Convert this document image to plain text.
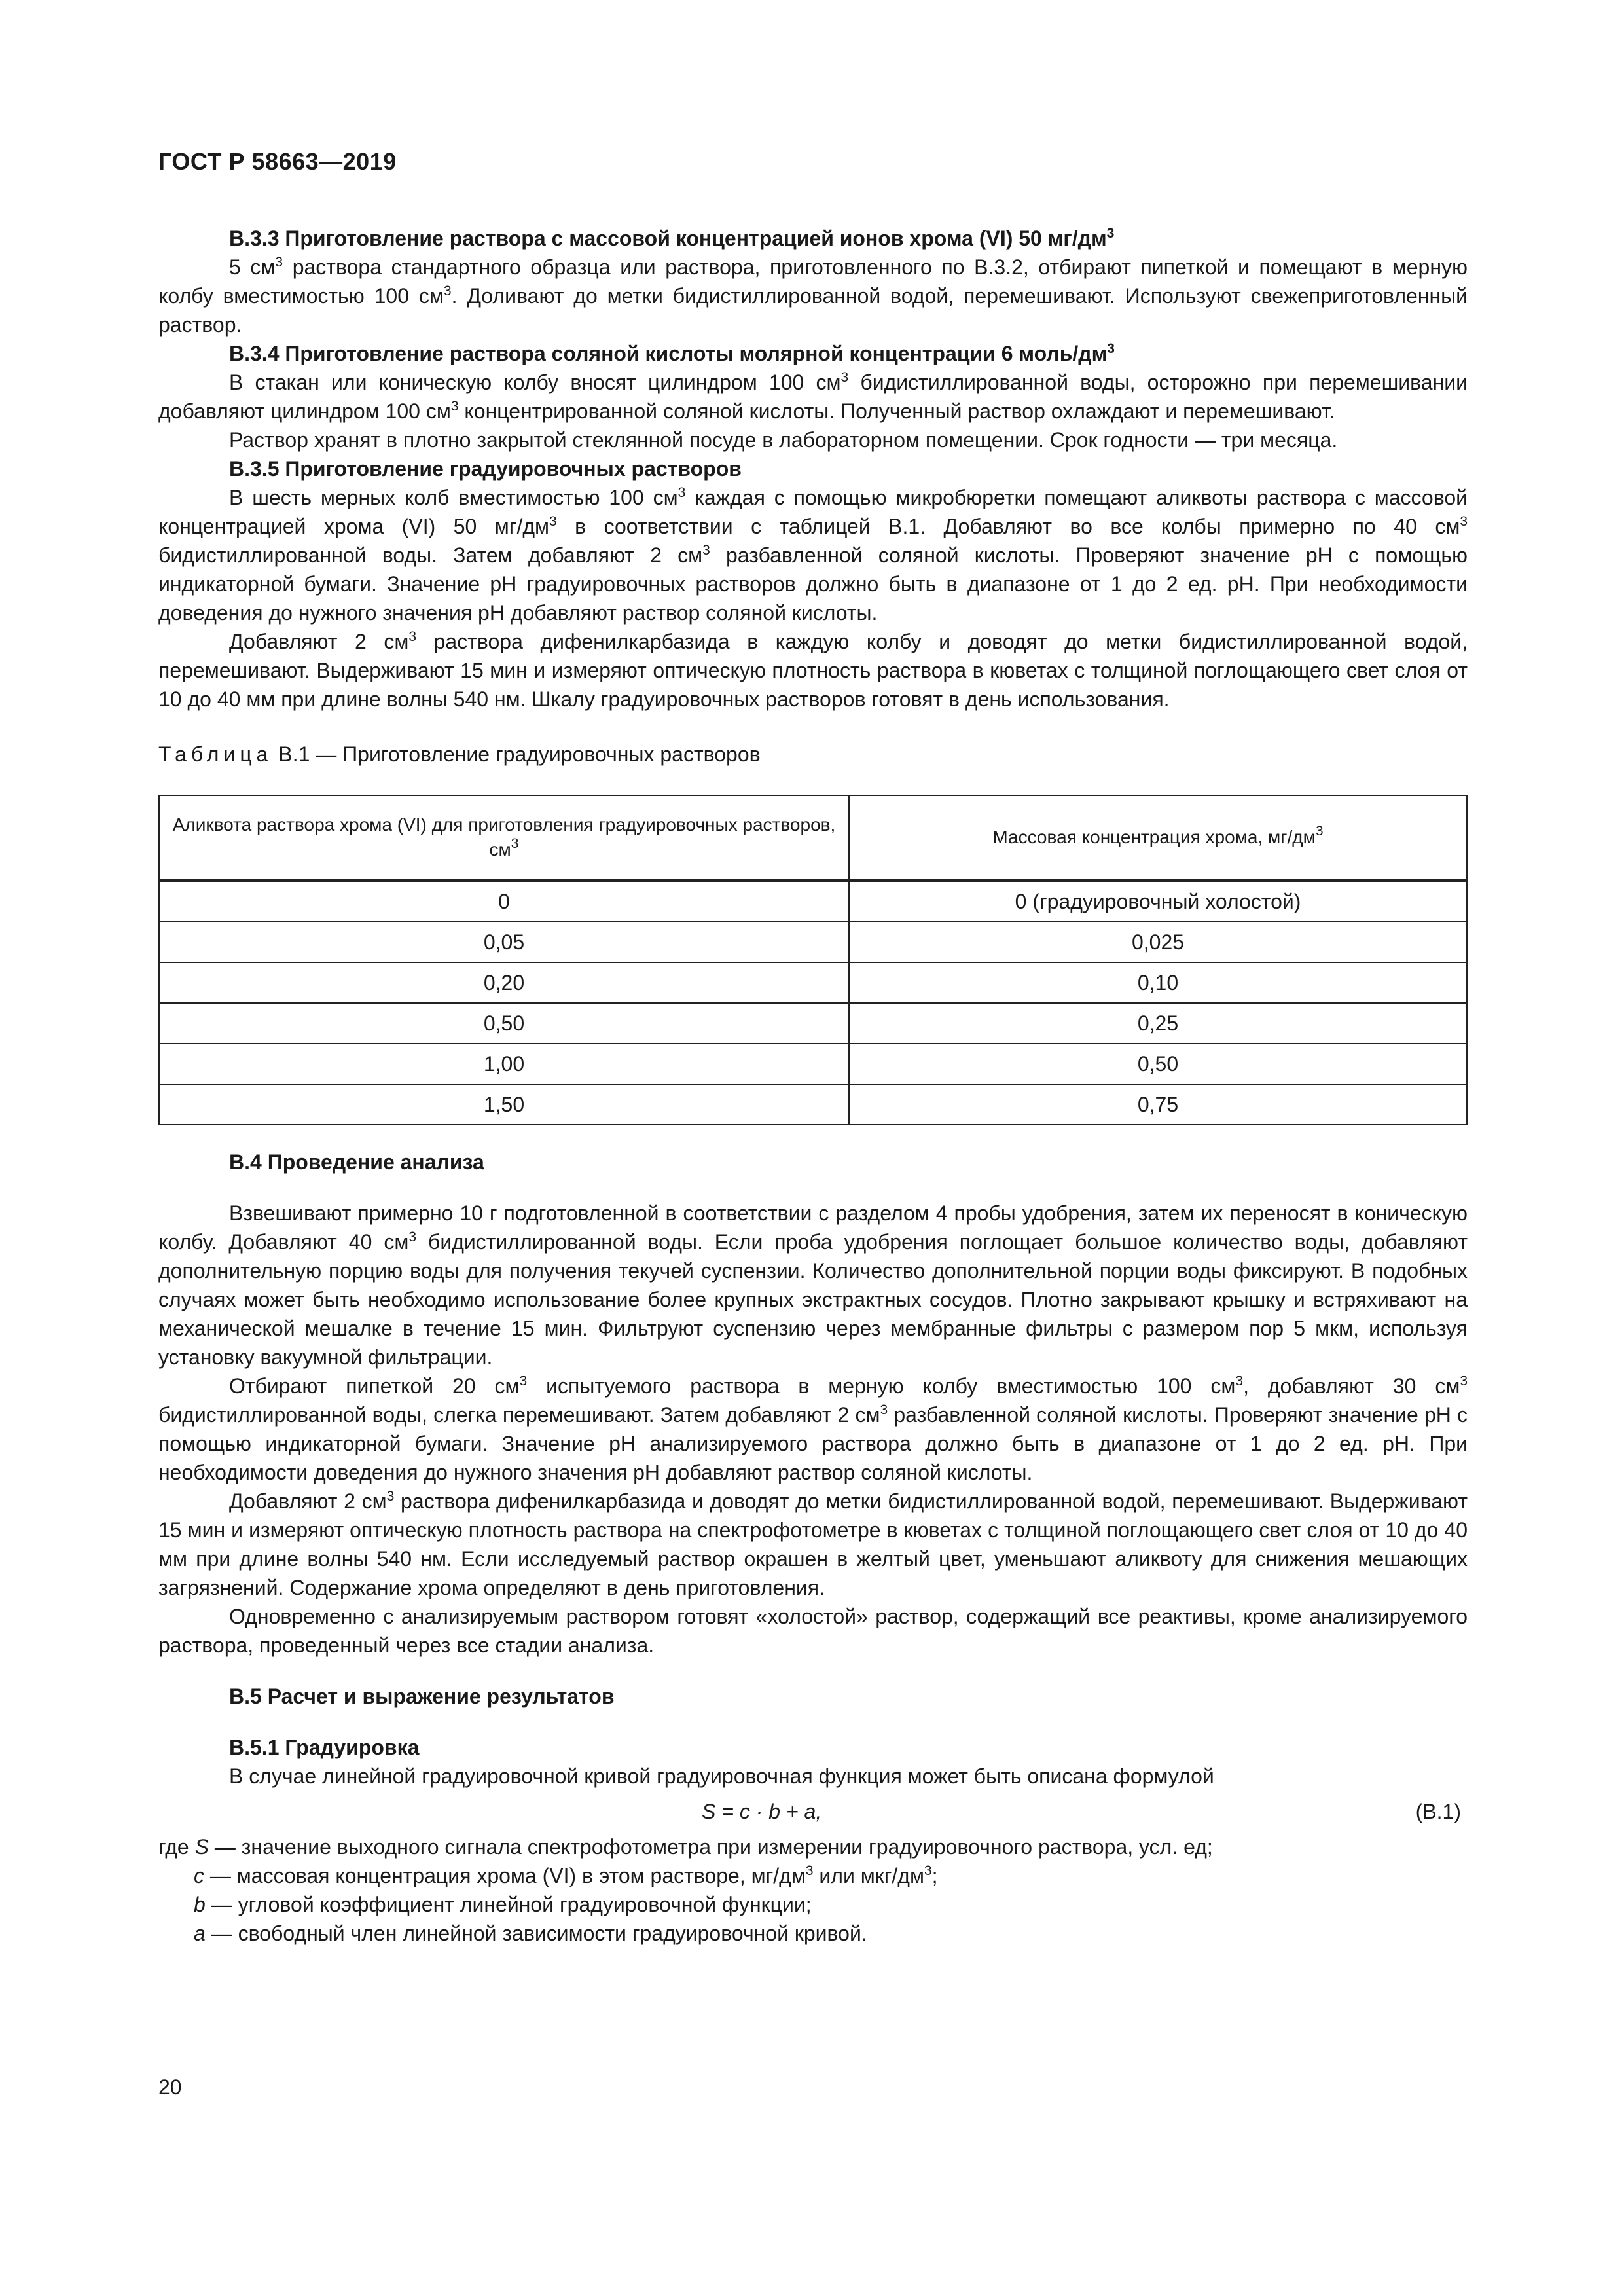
ГОСТ Р 58663—2019

В.3.3 Приготовление раствора с массовой концентрацией ионов хрома (VI) 50 $мг/дм^3$

5 $см^3$ раствора стандартного образца или раствора, приготовленного по В.3.2, отбирают пипеткой и помещают в мерную колбу вместимостью 100 $см^3$. Доливают до метки бидистиллированной водой, перемешивают. Используют свежеприготовленный раствор.

В.3.4 Приготовление раствора соляной кислоты молярной концентрации 6 моль/$дм^3$

В стакан или коническую колбу вносят цилиндром 100 $см^3$ бидистиллированной воды, осторожно при перемешивании добавляют цилиндром 100 $см^3$ концентрированной соляной кислоты. Полученный раствор охлаждают и перемешивают.

Раствор хранят в плотно закрытой стеклянной посуде в лабораторном помещении. Срок годности — три месяца.

В.3.5 Приготовление градуировочных растворов

В шесть мерных колб вместимостью 100 $см^3$ каждая с помощью микробюретки помещают аликвоты раствора с массовой концентрацией хрома (VI) 50 $мг/дм^3$ в соответствии с таблицей В.1. Добавляют во все колбы примерно по 40 $см^3$ бидистиллированной воды. Затем добавляют 2 $см^3$ разбавленной соляной кислоты. Проверяют значение pH с помощью индикаторной бумаги. Значение pH градуировочных растворов должно быть в диапазоне от 1 до 2 ед. pH. При необходимости доведения до нужного значения pH добавляют раствор соляной кислоты.

Добавляют 2 $см^3$ раствора дифенилкарбазида в каждую колбу и доводят до метки бидистиллированной водой, перемешивают. Выдерживают 15 мин и измеряют оптическую плотность раствора в кюветах с толщиной поглощающего свет слоя от 10 до 40 мм при длине волны 540 нм. Шкалу градуировочных растворов готовят в день использования.

Таблица В.1 — Приготовление градуировочных растворов

Аликвота раствора хрома (VI) для приготовления градуировочных растворов, $см^3$	Массовая концентрация хрома, $мг/дм^3$
0	0 (градуировочный холостой)
0,05	0,025
0,20	0,10
0,50	0,25
1,00	0,50
1,50	0,75

В.4 Проведение анализа

Взвешивают примерно 10 г подготовленной в соответствии с разделом 4 пробы удобрения, затем их переносят в коническую колбу. Добавляют 40 $см^3$ бидистиллированной воды. Если проба удобрения поглощает большое количество воды, добавляют дополнительную порцию воды для получения текучей суспензии. Количество дополнительной порции воды фиксируют. В подобных случаях может быть необходимо использование более крупных экстрактных сосудов. Плотно закрывают крышку и встряхивают на механической мешалке в течение 15 мин. Фильтруют суспензию через мембранные фильтры с размером пор 5 мкм, используя установку вакуумной фильтрации.

Отбирают пипеткой 20 $см^3$ испытуемого раствора в мерную колбу вместимостью 100 $см^3$, добавляют 30 $см^3$ бидистиллированной воды, слегка перемешивают. Затем добавляют 2 $см^3$ разбавленной соляной кислоты. Проверяют значение pH с помощью индикаторной бумаги. Значение pH анализируемого раствора должно быть в диапазоне от 1 до 2 ед. pH. При необходимости доведения до нужного значения pH добавляют раствор соляной кислоты.

Добавляют 2 $см^3$ раствора дифенилкарбазида и доводят до метки бидистиллированной водой, перемешивают. Выдерживают 15 мин и измеряют оптическую плотность раствора на спектрофотометре в кюветах с толщиной поглощающего свет слоя от 10 до 40 мм при длине волны 540 нм. Если исследуемый раствор окрашен в желтый цвет, уменьшают аликвоту для снижения мешающих загрязнений. Содержание хрома определяют в день приготовления.

Одновременно с анализируемым раствором готовят «холостой» раствор, содержащий все реактивы, кроме анализируемого раствора, проведенный через все стадии анализа.

В.5 Расчет и выражение результатов

В.5.1 Градуировка

В случае линейной градуировочной кривой градуировочная функция может быть описана формулой

S = c · b + a,	(В.1)

где S — значение выходного сигнала спектрофотометра при измерении градуировочного раствора, усл. ед;

c — массовая концентрация хрома (VI) в этом растворе, $мг/дм^3$ или мкг/$дм^3$;

b — угловой коэффициент линейной градуировочной функции;

a — свободный член линейной зависимости градуировочной кривой.

20
